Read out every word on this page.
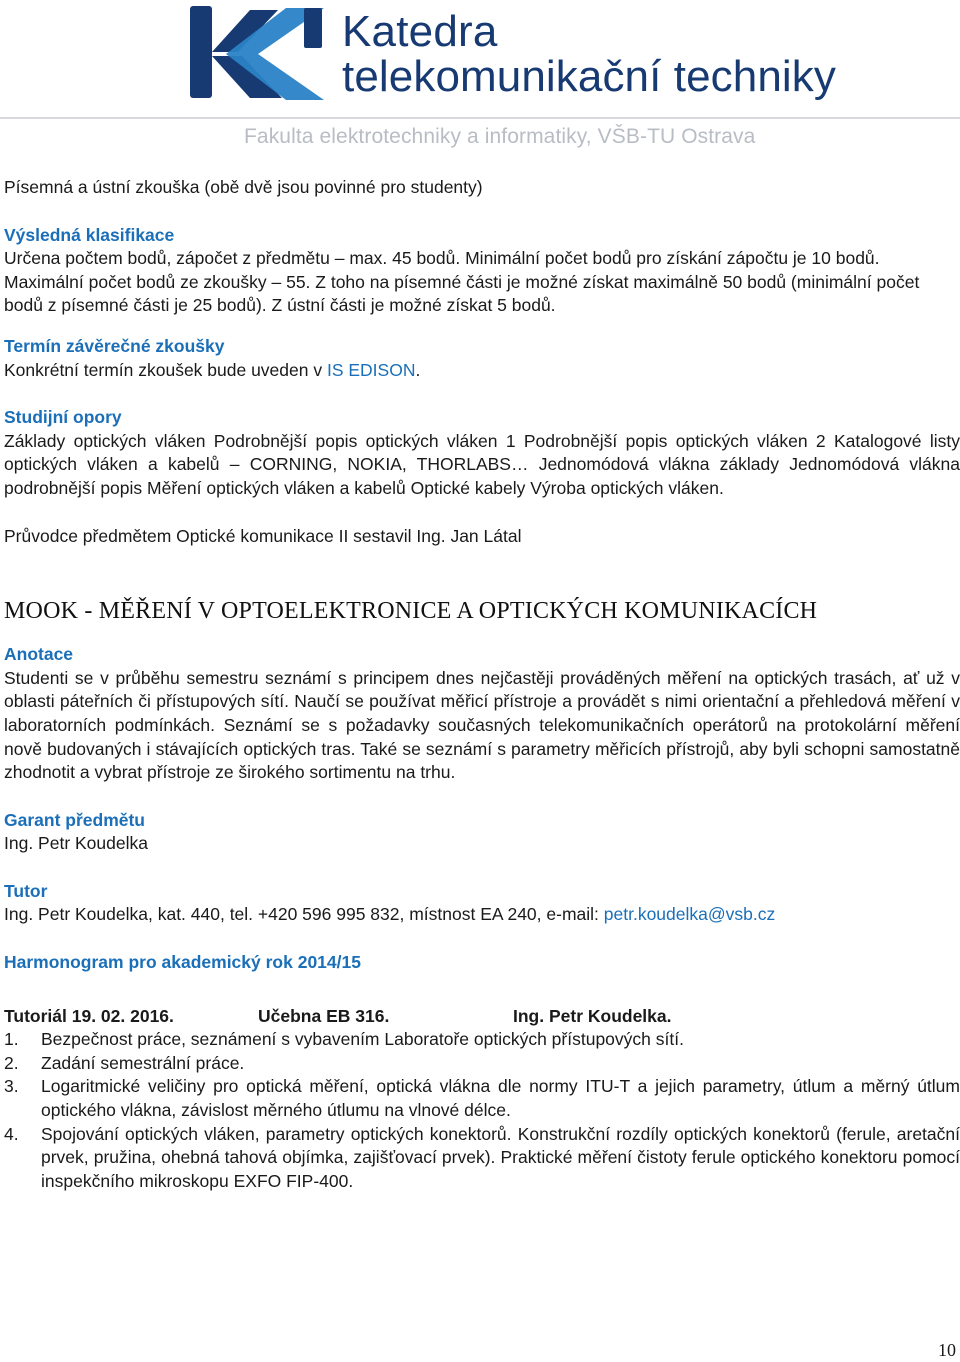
Katedra
telekomunikační techniky
Fakulta elektrotechniky a informatiky, VŠB-TU Ostrava

Písemná a ústní zkouška (obě dvě jsou povinné pro studenty)

Výsledná klasifikace

Určena počtem bodů, zápočet z předmětu – max. 45 bodů. Minimální počet bodů pro získání zápočtu je 10 bodů. Maximální počet bodů ze zkoušky – 55. Z toho na písemné části je možné získat maximálně 50 bodů (minimální počet bodů z písemné části je 25 bodů). Z ústní části je možné získat 5 bodů.

Termín závěrečné zkoušky

Konkrétní termín zkoušek bude uveden v IS EDISON.

Studijní opory

Základy optických vláken Podrobnější popis optických vláken 1 Podrobnější popis optických vláken 2 Katalogové listy optických vláken a kabelů – CORNING, NOKIA, THORLABS… Jednomódová vlákna základy Jednomódová vlákna podrobnější popis Měření optických vláken a kabelů Optické kabely Výroba optických vláken.

Průvodce předmětem Optické komunikace II sestavil Ing. Jan Látal

MOOK - MĚŘENÍ V OPTOELEKTRONICE A OPTICKÝCH KOMUNIKACÍCH

Anotace

Studenti se v průběhu semestru seznámí s principem dnes nejčastěji prováděných měření na optických trasách, ať už v oblasti páteřních či přístupových sítí. Naučí se používat měřicí přístroje a provádět s nimi orientační a přehledová měření v laboratorních podmínkách. Seznámí se s požadavky současných telekomunikačních operátorů na protokolární měření nově budovaných i stávajících optických tras. Také se seznámí s parametry měřicích přístrojů, aby byli schopni samostatně zhodnotit a vybrat přístroje ze širokého sortimentu na trhu.

Garant předmětu

Ing. Petr Koudelka

Tutor

Ing. Petr Koudelka, kat. 440, tel. +420 596 995 832, místnost EA 240, e-mail: petr.koudelka@vsb.cz

Harmonogram pro akademický rok 2014/15

Tutoriál 19. 02. 2016.	Učebna EB 316.	Ing. Petr Koudelka.
1.	Bezpečnost práce, seznámení s vybavením Laboratoře optických přístupových sítí.
2.	Zadání semestrální práce.
3.	Logaritmické veličiny pro optická měření, optická vlákna dle normy ITU-T a jejich parametry, útlum a měrný útlum optického vlákna, závislost měrného útlumu na vlnové délce.
4.	Spojování optických vláken, parametry optických konektorů. Konstrukční rozdíly optických konektorů (ferule, aretační prvek, pružina, ohebná tahová objímka, zajišťovací prvek). Praktické měření čistoty ferule optického konektoru pomocí inspekčního mikroskopu EXFO FIP-400.
10
